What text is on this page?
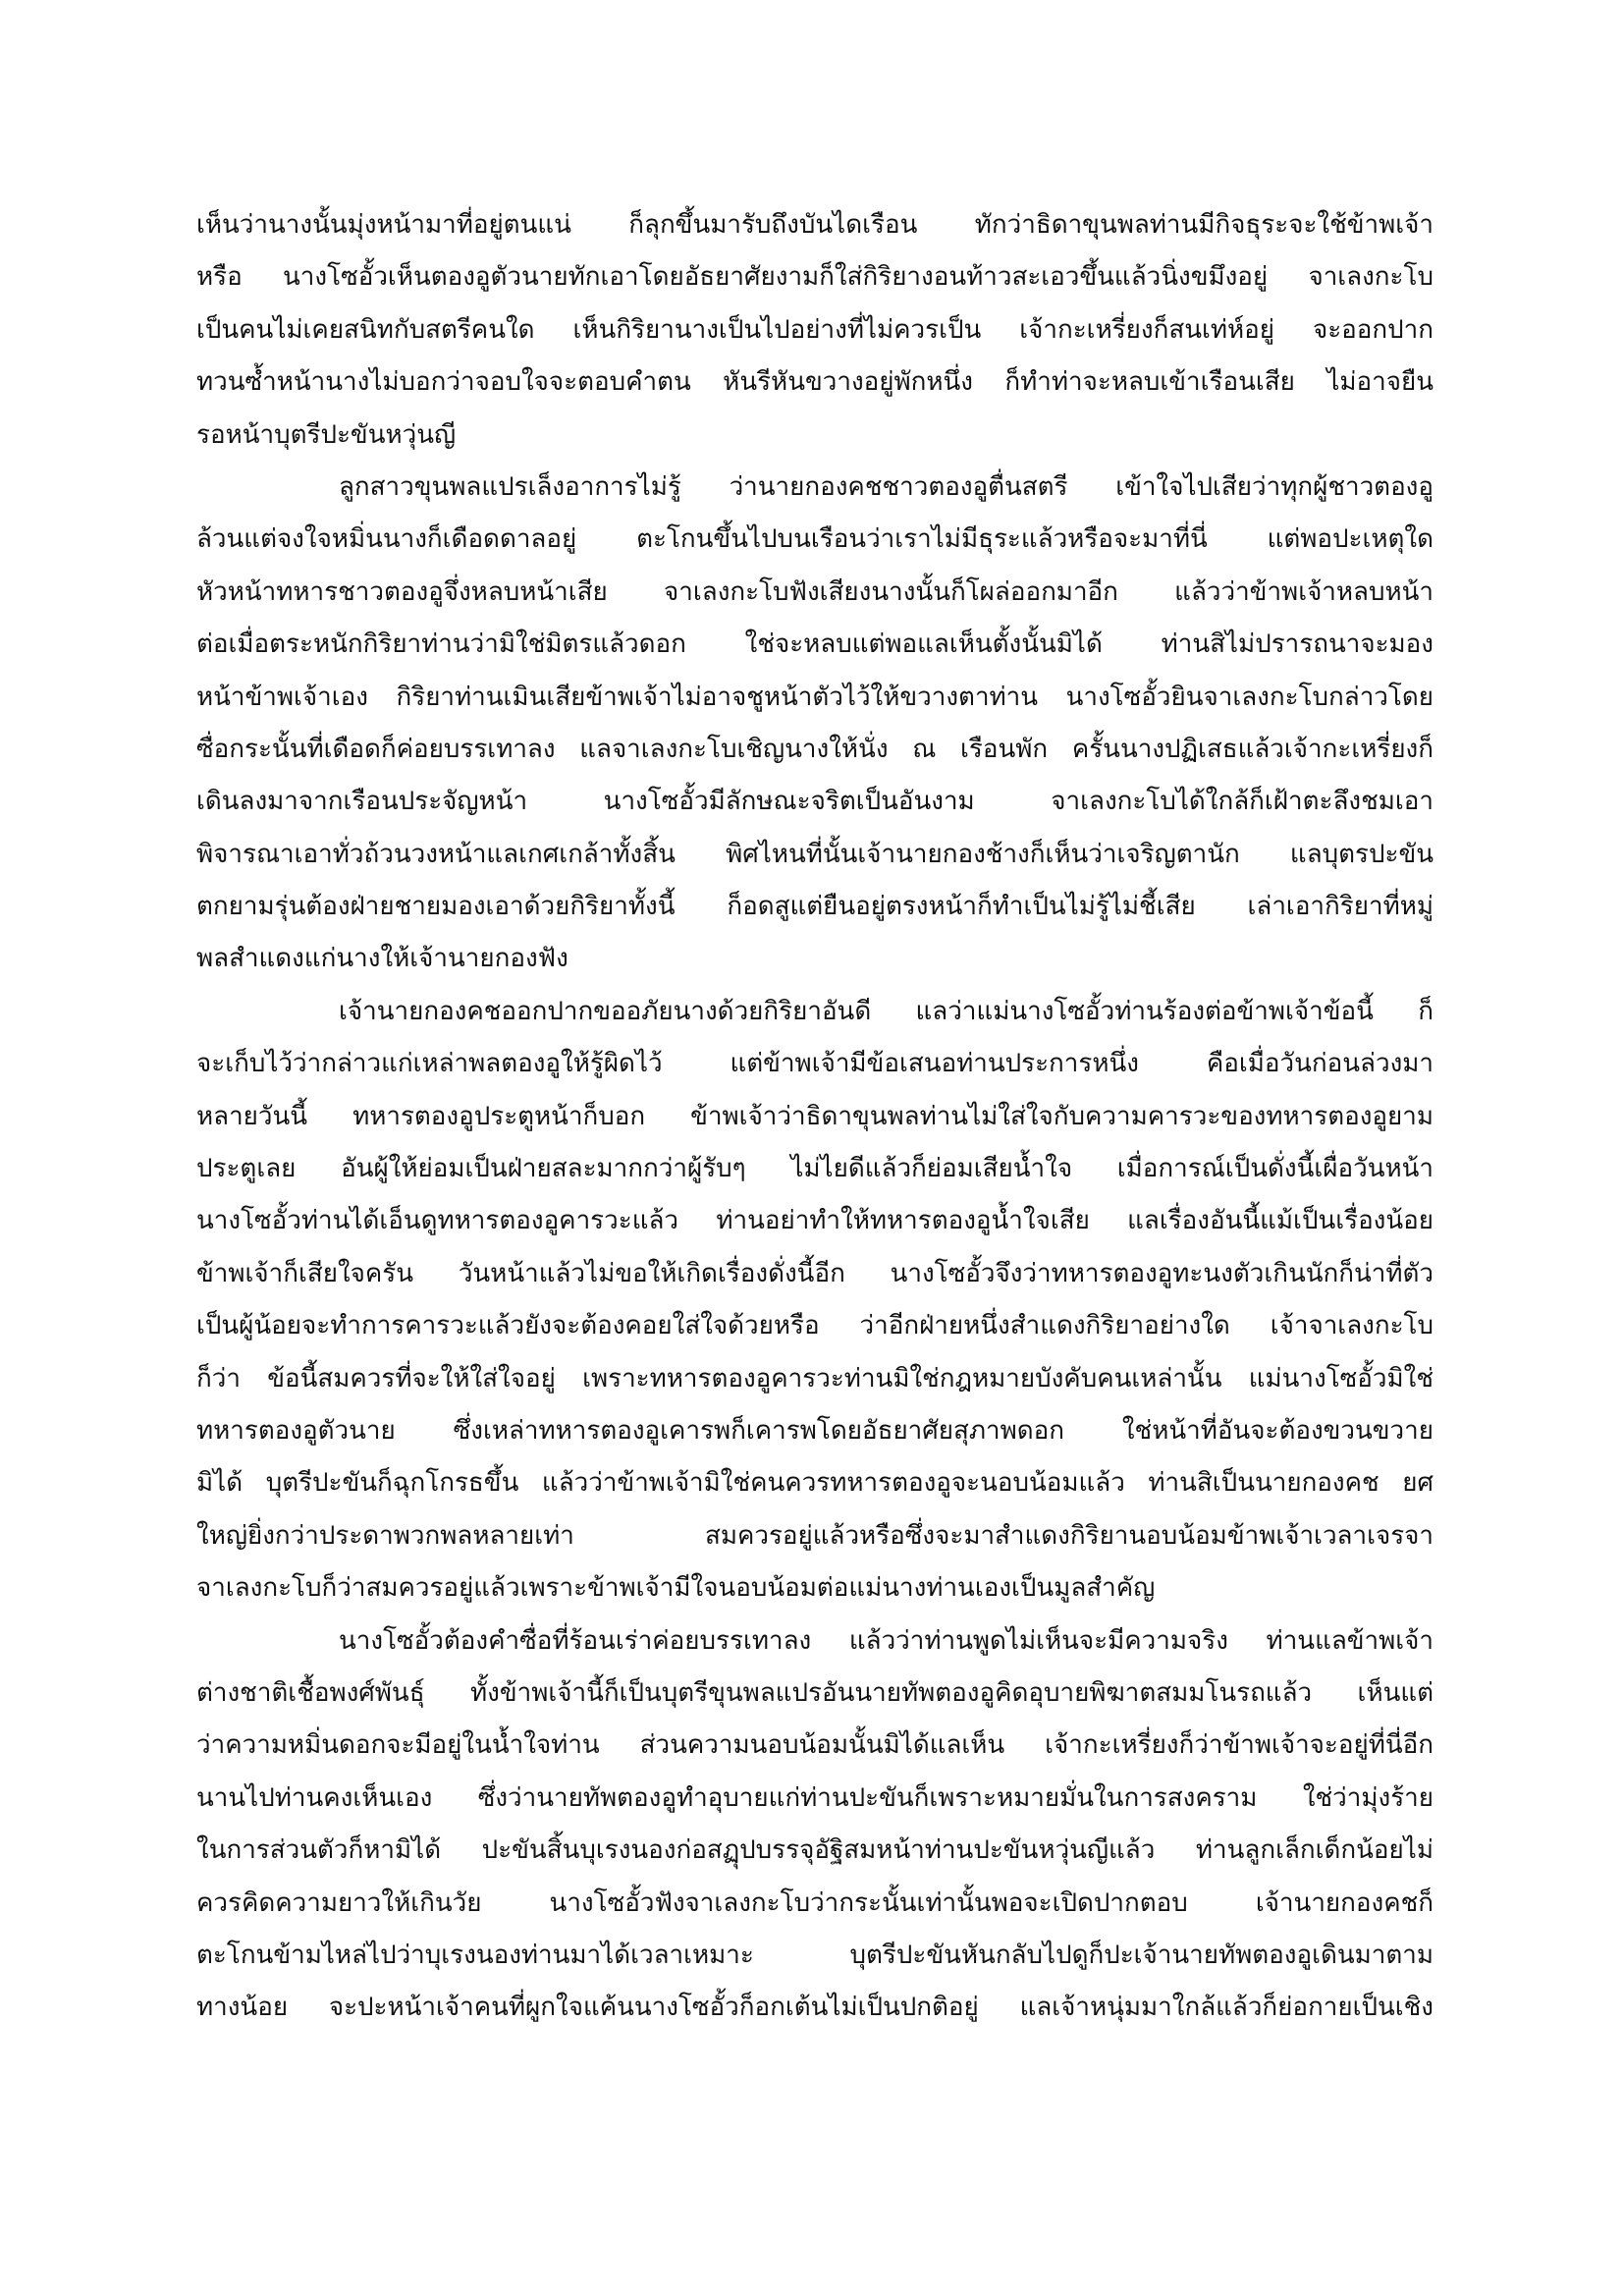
เห็นว่านางนั้นมุ่งหน้ามาที่อยู่ตนแน่ ก็ลุกขึ้นมารับถึงบันไดเรือน ทักว่าธิดาขุนพลท่านมีกิจธุระจะใช้ข้าพเจ้า
หรือ นางโซอั้วเห็นตองอูตัวนายทักเอาโดยอัธยาศัยงามก็ใส่กิริยางอนท้าวสะเอวขึ้นแล้วนิ่งขมึงอยู่ จาเลงกะโบ
เป็นคนไม่เคยสนิทกับสตรีคนใด เห็นกิริยานางเป็นไปอย่างที่ไม่ควรเป็น เจ้ากะเหรี่ยงก็สนเท่ห์อยู่ จะออกปาก
ทวนซ้ำหน้านางไม่บอกว่าจอบใจจะตอบคำตน หันรีหันขวางอยู่พักหนึ่ง ก็ทำท่าจะหลบเข้าเรือนเสีย ไม่อาจยืน
รอหน้าบุตรีปะขันหวุ่นญี
ลูกสาวขุนพลแปรเล็งอาการไม่รู้ ว่านายกองคชชาวตองอูตื่นสตรี เข้าใจไปเสียว่าทุกผู้ชาวตองอู
ล้วนแต่จงใจหมิ่นนางก็เดือดดาลอยู่ ตะโกนขึ้นไปบนเรือนว่าเราไม่มีธุระแล้วหรือจะมาที่นี่ แต่พอปะเหตุใด
หัวหน้าทหารชาวตองอูจึ่งหลบหน้าเสีย จาเลงกะโบฟังเสียงนางนั้นก็โผล่ออกมาอีก แล้วว่าข้าพเจ้าหลบหน้า
ต่อเมื่อตระหนักกิริยาท่านว่ามิใช่มิตรแล้วดอก ใช่จะหลบแต่พอแลเห็นตั้งนั้นมิได้ ท่านสิไม่ปรารถนาจะมอง
หน้าข้าพเจ้าเอง กิริยาท่านเมินเสียข้าพเจ้าไม่อาจชูหน้าตัวไว้ให้ขวางตาท่าน นางโซอั้วยินจาเลงกะโบกล่าวโดย
ซื่อกระนั้นที่เดือดก็ค่อยบรรเทาลง แลจาเลงกะโบเชิญนางให้นั่ง ณ เรือนพัก ครั้นนางปฏิเสธแล้วเจ้ากะเหรี่ยงก็
เดินลงมาจากเรือนประจัญหน้า นางโซอั้วมีลักษณะจริตเป็นอันงาม จาเลงกะโบได้ใกล้ก็เฝ้าตะลึงชมเอา
พิจารณาเอาทั่วถ้วนวงหน้าแลเกศเกล้าทั้งสิ้น พิศไหนที่นั้นเจ้านายกองช้างก็เห็นว่าเจริญตานัก แลบุตรปะขัน
ตกยามรุ่นต้องฝ่ายชายมองเอาด้วยกิริยาทั้งนี้ ก็อดสูแต่ยืนอยู่ตรงหน้าก็ทำเป็นไม่รู้ไม่ชี้เสีย เล่าเอากิริยาที่หมู่
พลสำแดงแก่นางให้เจ้านายกองฟัง
เจ้านายกองคชออกปากขออภัยนางด้วยกิริยาอันดี แลว่าแม่นางโซอั้วท่านร้องต่อข้าพเจ้าข้อนี้ ก็
จะเก็บไว้ว่ากล่าวแก่เหล่าพลตองอูให้รู้ผิดไว้ แต่ข้าพเจ้ามีข้อเสนอท่านประการหนึ่ง คือเมื่อวันก่อนล่วงมา
หลายวันนี้ ทหารตองอูประตูหน้าก็บอก ข้าพเจ้าว่าธิดาขุนพลท่านไม่ใส่ใจกับความคารวะของทหารตองอูยาม
ประตูเลย อันผู้ให้ย่อมเป็นฝ่ายสละมากกว่าผู้รับๆ ไม่ไยดีแล้วก็ย่อมเสียน้ำใจ เมื่อการณ์เป็นดั่งนี้เผื่อวันหน้า
นางโซอั้วท่านได้เอ็นดูทหารตองอูคารวะแล้ว ท่านอย่าทำให้ทหารตองอูน้ำใจเสีย แลเรื่องอันนี้แม้เป็นเรื่องน้อย
ข้าพเจ้าก็เสียใจครัน วันหน้าแล้วไม่ขอให้เกิดเรื่องดั่งนี้อีก นางโซอั้วจึงว่าทหารตองอูทะนงตัวเกินนักก็น่าที่ตัว
เป็นผู้น้อยจะทำการคารวะแล้วยังจะต้องคอยใส่ใจด้วยหรือ ว่าอีกฝ่ายหนึ่งสำแดงกิริยาอย่างใด เจ้าจาเลงกะโบ
ก็ว่า ข้อนี้สมควรที่จะให้ใส่ใจอยู่ เพราะทหารตองอูคารวะท่านมิใช่กฎหมายบังคับคนเหล่านั้น แม่นางโซอั้วมิใช่
ทหารตองอูตัวนาย ซึ่งเหล่าทหารตองอูเคารพก็เคารพโดยอัธยาศัยสุภาพดอก ใช่หน้าที่อันจะต้องขวนขวาย
มิได้ บุตรีปะขันก็ฉุกโกรธขึ้น แล้วว่าข้าพเจ้ามิใช่คนควรทหารตองอูจะนอบน้อมแล้ว ท่านสิเป็นนายกองคช ยศ
ใหญ่ยิ่งกว่าประดาพวกพลหลายเท่า สมควรอยู่แล้วหรือซึ่งจะมาสำแดงกิริยานอบน้อมข้าพเจ้าเวลาเจรจา
จาเลงกะโบก็ว่าสมควรอยู่แล้วเพราะข้าพเจ้ามีใจนอบน้อมต่อแม่นางท่านเองเป็นมูลสำคัญ
นางโซอั้วต้องคำซื่อที่ร้อนเร่าค่อยบรรเทาลง แล้วว่าท่านพูดไม่เห็นจะมีความจริง ท่านแลข้าพเจ้า
ต่างชาติเชื้อพงศ์พันธุ์ ทั้งข้าพเจ้านี้ก็เป็นบุตรีขุนพลแปรอันนายทัพตองอูคิดอุบายพิฆาตสมมโนรถแล้ว เห็นแต่
ว่าความหมิ่นดอกจะมีอยู่ในน้ำใจท่าน ส่วนความนอบน้อมนั้นมิได้แลเห็น เจ้ากะเหรี่ยงก็ว่าข้าพเจ้าจะอยู่ที่นี่อีก
นานไปท่านคงเห็นเอง ซึ่งว่านายทัพตองอูทำอุบายแก่ท่านปะขันก็เพราะหมายมั่นในการสงคราม ใช่ว่ามุ่งร้าย
ในการส่วนตัวก็หามิได้ ปะขันสิ้นบุเรงนองก่อสฏุปบรรจุอัฐิสมหน้าท่านปะขันหวุ่นญีแล้ว ท่านลูกเล็กเด็กน้อยไม่
ควรคิดความยาวให้เกินวัย นางโซอั้วฟังจาเลงกะโบว่ากระนั้นเท่านั้นพอจะเปิดปากตอบ เจ้านายกองคชก็
ตะโกนข้ามไหล่ไปว่าบุเรงนองท่านมาได้เวลาเหมาะ บุตรีปะขันหันกลับไปดูก็ปะเจ้านายทัพตองอูเดินมาตาม
ทางน้อย จะปะหน้าเจ้าคนที่ผูกใจแค้นนางโซอั้วก็อกเต้นไม่เป็นปกติอยู่ แลเจ้าหนุ่มมาใกล้แล้วก็ย่อกายเป็นเชิง
